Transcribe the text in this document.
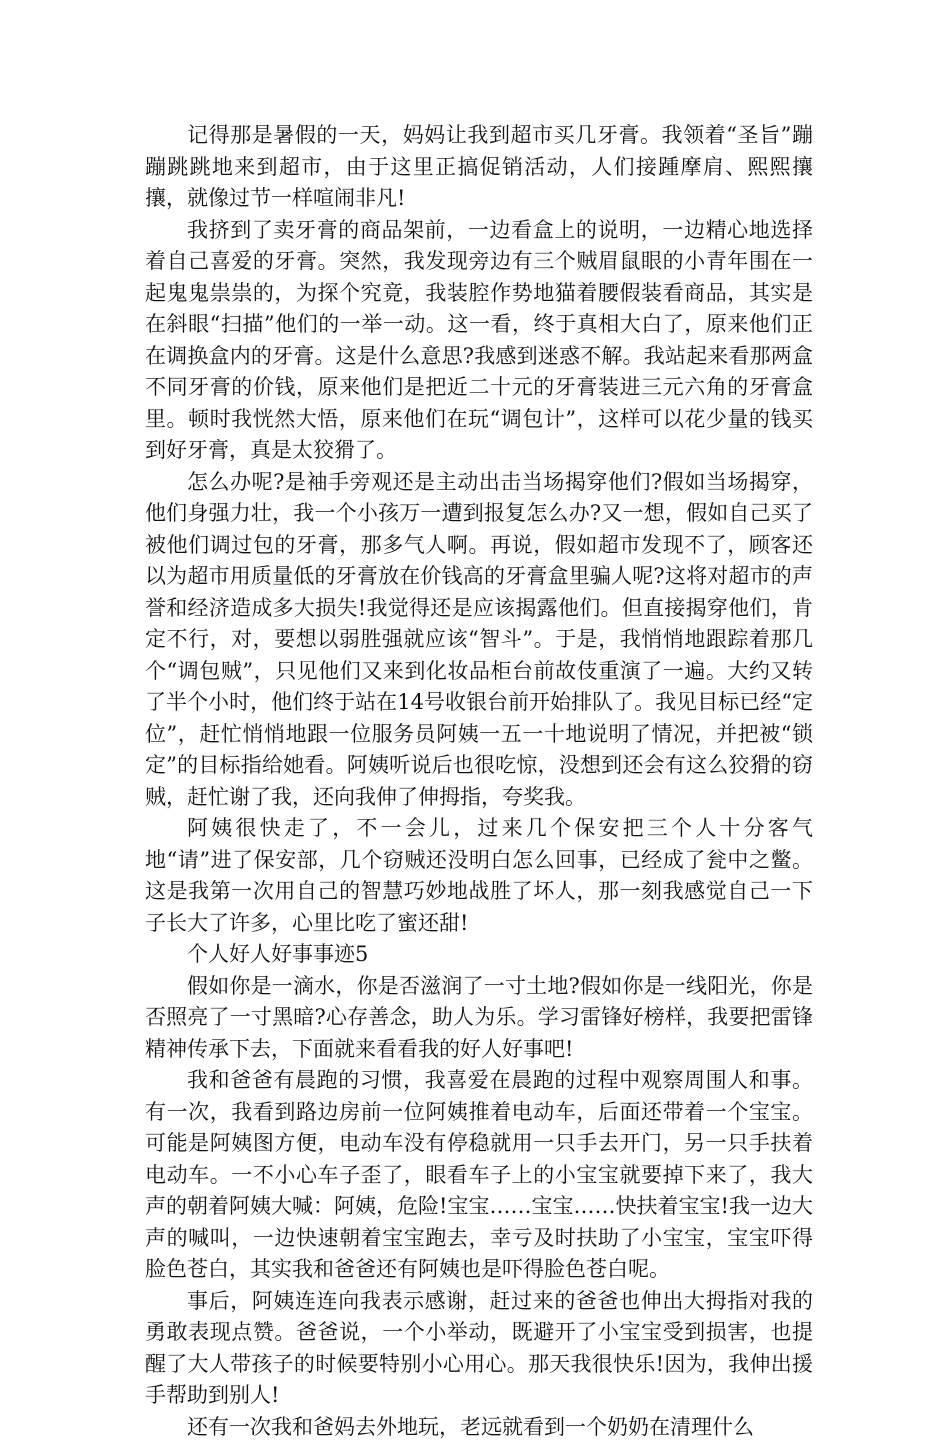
记得那是暑假的一天，妈妈让我到超市买几牙膏。我领着“圣旨”蹦蹦跳跳地来到超市，由于这里正搞促销活动，人们接踵摩肩、熙熙攘攘，就像过节一样喧闹非凡!

我挤到了卖牙膏的商品架前，一边看盒上的说明，一边精心地选择着自己喜爱的牙膏。突然，我发现旁边有三个贼眉鼠眼的小青年围在一起鬼鬼祟祟的，为探个究竟，我装腔作势地猫着腰假装看商品，其实是在斜眼“扫描”他们的一举一动。这一看，终于真相大白了，原来他们正在调换盒内的牙膏。这是什么意思?我感到迷惑不解。我站起来看那两盒不同牙膏的价钱，原来他们是把近二十元的牙膏装进三元六角的牙膏盒里。顿时我恍然大悟，原来他们在玩“调包计”，这样可以花少量的钱买到好牙膏，真是太狡猾了。

怎么办呢?是袖手旁观还是主动出击当场揭穿他们?假如当场揭穿，他们身强力壮，我一个小孩万一遭到报复怎么办?又一想，假如自己买了被他们调过包的牙膏，那多气人啊。再说，假如超市发现不了，顾客还以为超市用质量低的牙膏放在价钱高的牙膏盒里骗人呢?这将对超市的声誉和经济造成多大损失!我觉得还是应该揭露他们。但直接揭穿他们，肯定不行，对，要想以弱胜强就应该“智斗”。于是，我悄悄地跟踪着那几个“调包贼”，只见他们又来到化妆品柜台前故伎重演了一遍。大约又转了半个小时，他们终于站在14号收银台前开始排队了。我见目标已经“定位”，赶忙悄悄地跟一位服务员阿姨一五一十地说明了情况，并把被“锁定”的目标指给她看。阿姨听说后也很吃惊，没想到还会有这么狡猾的窃贼，赶忙谢了我，还向我伸了伸拇指，夸奖我。

阿姨很快走了，不一会儿，过来几个保安把三个人十分客气地“请”进了保安部，几个窃贼还没明白怎么回事，已经成了瓮中之鳖。这是我第一次用自己的智慧巧妙地战胜了坏人，那一刻我感觉自己一下子长大了许多，心里比吃了蜜还甜!

个人好人好事事迹5

假如你是一滴水，你是否滋润了一寸土地?假如你是一线阳光，你是否照亮了一寸黑暗?心存善念，助人为乐。学习雷锋好榜样，我要把雷锋精神传承下去，下面就来看看我的好人好事吧!

我和爸爸有晨跑的习惯，我喜爱在晨跑的过程中观察周围人和事。有一次，我看到路边房前一位阿姨推着电动车，后面还带着一个宝宝。可能是阿姨图方便，电动车没有停稳就用一只手去开门，另一只手扶着电动车。一不小心车子歪了，眼看车子上的小宝宝就要掉下来了，我大声的朝着阿姨大喊：阿姨，危险!宝宝……宝宝……快扶着宝宝!我一边大声的喊叫，一边快速朝着宝宝跑去，幸亏及时扶助了小宝宝，宝宝吓得脸色苍白，其实我和爸爸还有阿姨也是吓得脸色苍白呢。

事后，阿姨连连向我表示感谢，赶过来的爸爸也伸出大拇指对我的勇敢表现点赞。爸爸说，一个小举动，既避开了小宝宝受到损害，也提醒了大人带孩子的时候要特别小心用心。那天我很快乐!因为，我伸出援手帮助到别人!

还有一次我和爸妈去外地玩，老远就看到一个奶奶在清理什么
